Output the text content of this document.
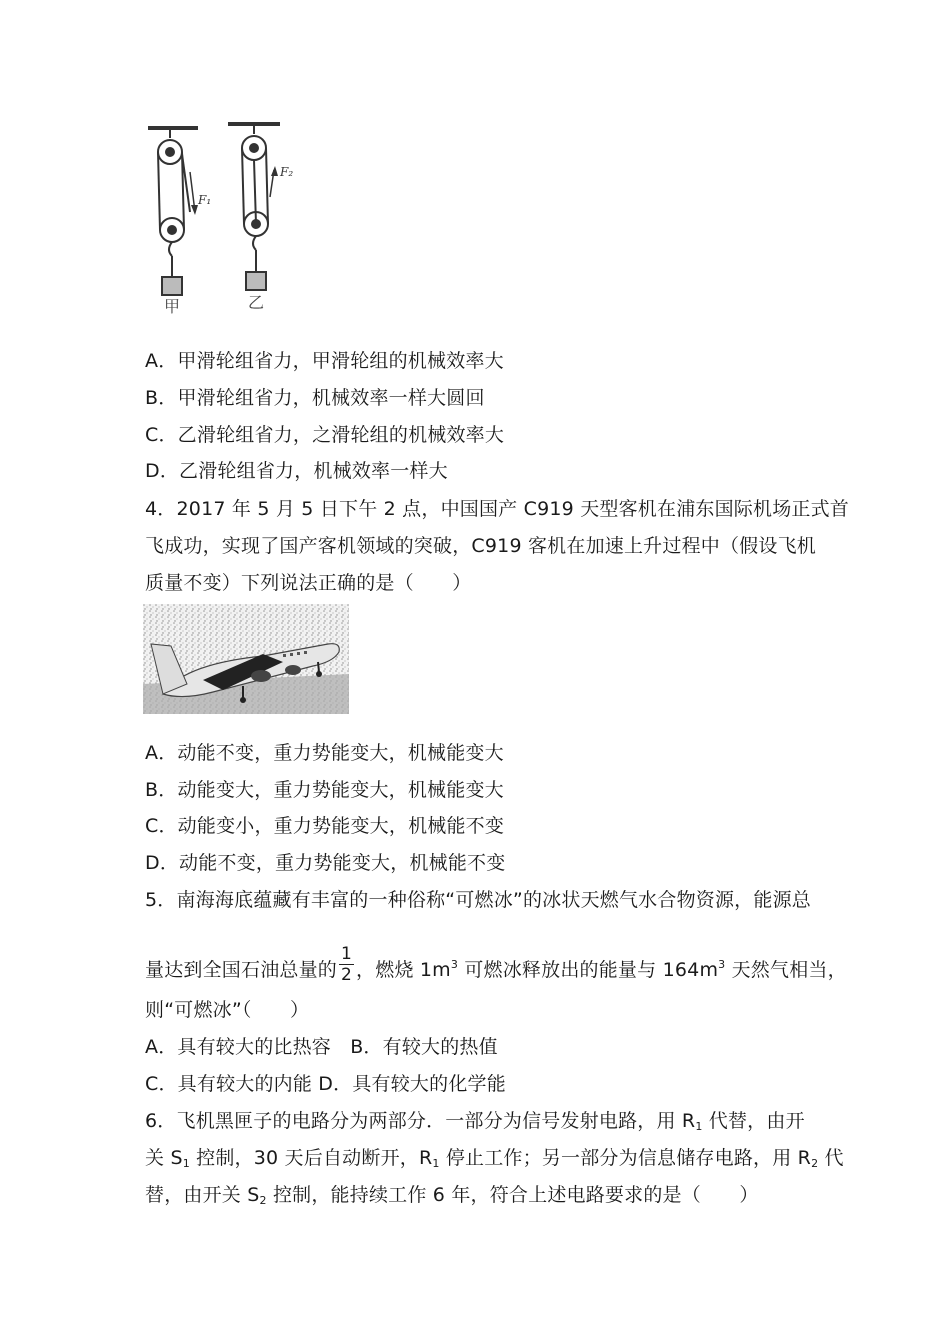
F₁
F₂
甲	乙
A．甲滑轮组省力，甲滑轮组的机械效率大
B．甲滑轮组省力，机械效率一样大圆回
C．乙滑轮组省力，之滑轮组的机械效率大
D．乙滑轮组省力，机械效率一样大
4．2017 年 5 月 5 日下午 2 点，中国国产 C919 天型客机在浦东国际机场正式首
飞成功，实现了国产客机领域的突破，C919 客机在加速上升过程中（假设飞机
质量不变）下列说法正确的是（　　）
A．动能不变，重力势能变大，机械能变大
B．动能变大，重力势能变大，机械能变大
C．动能变小，重力势能变大，机械能不变
D．动能不变，重力势能变大，机械能不变
5．南海海底蕴藏有丰富的一种俗称“可燃冰”的冰状天燃气水合物资源，能源总
量达到全国石油总量的 $\frac{1}{2}$ ，燃烧 $1m^3$ 可燃冰释放出的能量与 $164m^3$ 天然气相当，
则“可燃冰”（　　）
A．具有较大的比热容　B．有较大的热值
C．具有较大的内能 D．具有较大的化学能
6．飞机黑匣子的电路分为两部分．一部分为信号发射电路，用 $R_1$ 代替，由开
关 $S_1$ 控制，30 天后自动断开，$R_1$ 停止工作；另一部分为信息储存电路，用 $R_2$ 代
替，由开关 $S_2$ 控制，能持续工作 6 年，符合上述电路要求的是（　　）
